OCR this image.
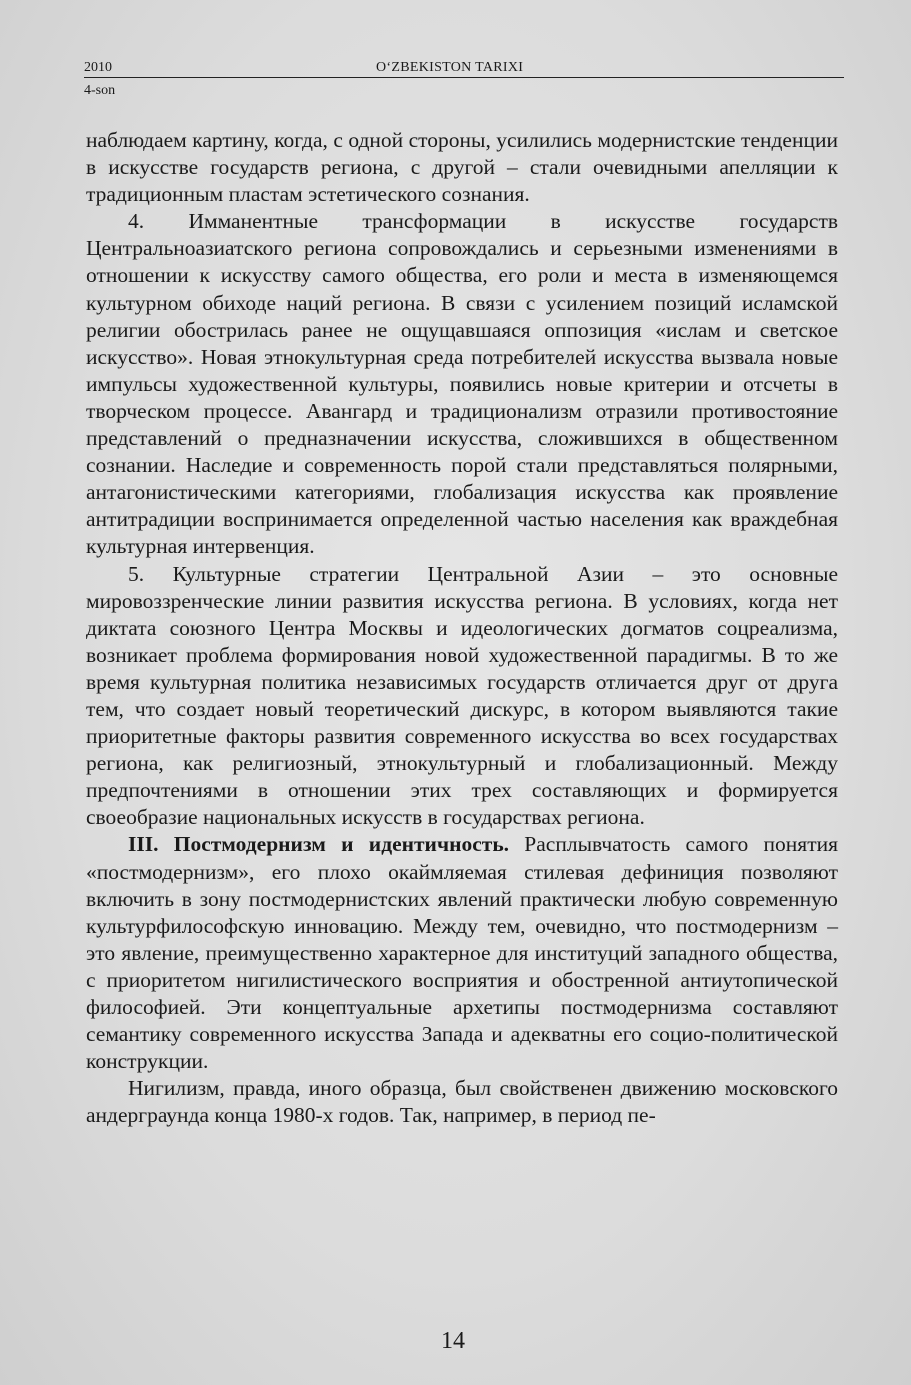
2010	O‘ZBEKISTON TARIXI
4-son

наблюдаем картину, когда, с одной стороны, усилились модернистские тенденции в искусстве государств региона, с другой – стали очевидными апелляции к традиционным пластам эстетического сознания.

4. Имманентные трансформации в искусстве государств Центральноазиатского региона сопровождались и серьезными изменениями в отношении к искусству самого общества, его роли и места в изменяющемся культурном обиходе наций региона. В связи с усилением позиций исламской религии обострилась ранее не ощущавшаяся оппозиция «ислам и светское искусство». Новая этнокультурная среда потребителей искусства вызвала новые импульсы художественной культуры, появились новые критерии и отсчеты в творческом процессе. Авангард и традиционализм отразили противостояние представлений о предназначении искусства, сложившихся в общественном сознании. Наследие и современность порой стали представляться полярными, антагонистическими категориями, глобализация искусства как проявление антитрадиции воспринимается определенной частью населения как враждебная культурная интервенция.

5. Культурные стратегии Центральной Азии – это основные мировоззренческие линии развития искусства региона. В условиях, когда нет диктата союзного Центра Москвы и идеологических догматов соцреализма, возникает проблема формирования новой художественной парадигмы. В то же время культурная политика независимых государств отличается друг от друга тем, что создает новый теоретический дискурс, в котором выявляются такие приоритетные факторы развития современного искусства во всех государствах региона, как религиозный, этнокультурный и глобализационный. Между предпочтениями в отношении этих трех составляющих и формируется своеобразие национальных искусств в государствах региона.

III. Постмодернизм и идентичность. Расплывчатость самого понятия «постмодернизм», его плохо окаймляемая стилевая дефиниция позволяют включить в зону постмодернистских явлений практически любую современную культурфилософскую инновацию. Между тем, очевидно, что постмодернизм – это явление, преимущественно характерное для институций западного общества, с приоритетом нигилистического восприятия и обостренной антиутопической философией. Эти концептуальные архетипы постмодернизма составляют семантику современного искусства Запада и адекватны его социо-политической конструкции.

Нигилизм, правда, иного образца, был свойственен движению московского андерграунда конца 1980-х годов. Так, например, в период пе-

14
